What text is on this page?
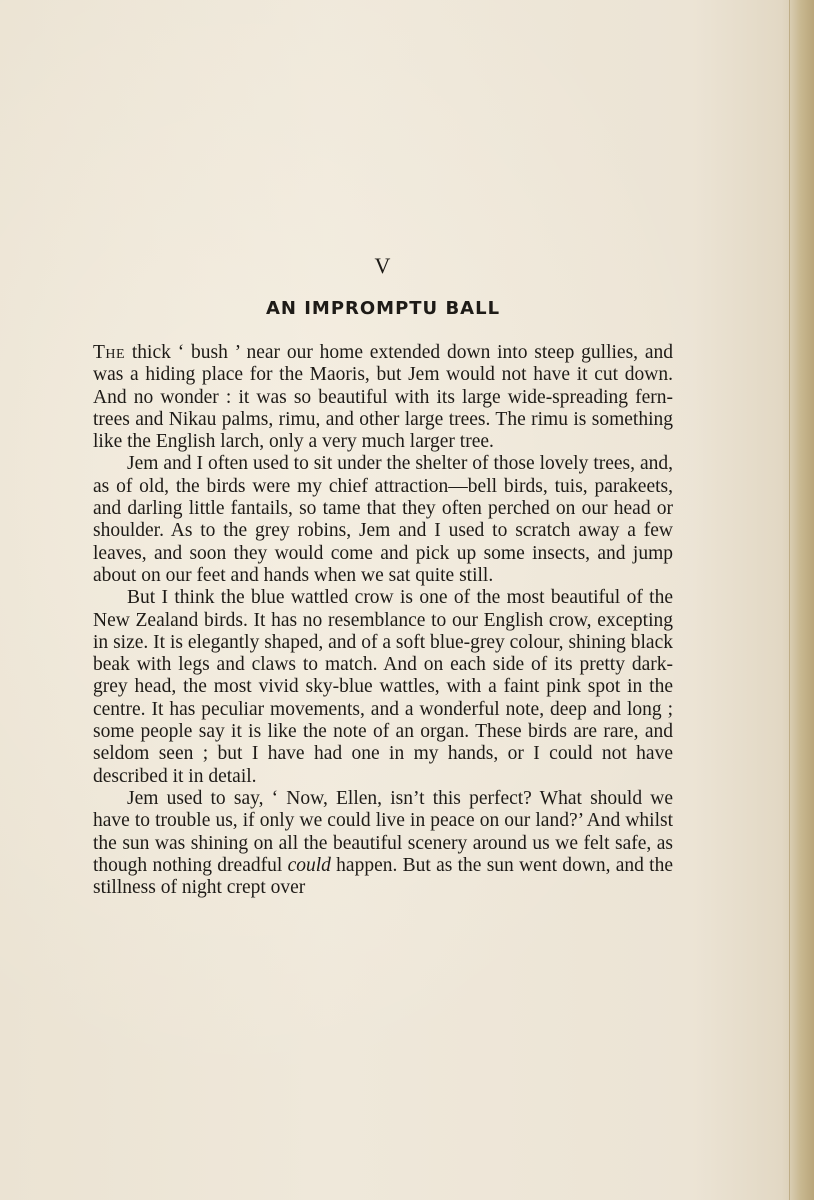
V
AN IMPROMPTU BALL

The thick ‘ bush ’ near our home extended down into steep gullies, and was a hiding place for the Maoris, but Jem would not have it cut down. And no wonder : it was so beautiful with its large wide-spreading fern-trees and Nikau palms, rimu, and other large trees. The rimu is something like the English larch, only a very much larger tree.

Jem and I often used to sit under the shelter of those lovely trees, and, as of old, the birds were my chief attraction—bell birds, tuis, parakeets, and darling little fantails, so tame that they often perched on our head or shoulder. As to the grey robins, Jem and I used to scratch away a few leaves, and soon they would come and pick up some insects, and jump about on our feet and hands when we sat quite still.

But I think the blue wattled crow is one of the most beautiful of the New Zealand birds. It has no resemblance to our English crow, excepting in size. It is elegantly shaped, and of a soft blue-grey colour, shining black beak with legs and claws to match. And on each side of its pretty dark-grey head, the most vivid sky-blue wattles, with a faint pink spot in the centre. It has peculiar movements, and a wonderful note, deep and long ; some people say it is like the note of an organ. These birds are rare, and seldom seen ; but I have had one in my hands, or I could not have described it in detail.

Jem used to say, ‘ Now, Ellen, isn’t this perfect? What should we have to trouble us, if only we could live in peace on our land?’ And whilst the sun was shining on all the beautiful scenery around us we felt safe, as though nothing dreadful could happen. But as the sun went down, and the stillness of night crept over
